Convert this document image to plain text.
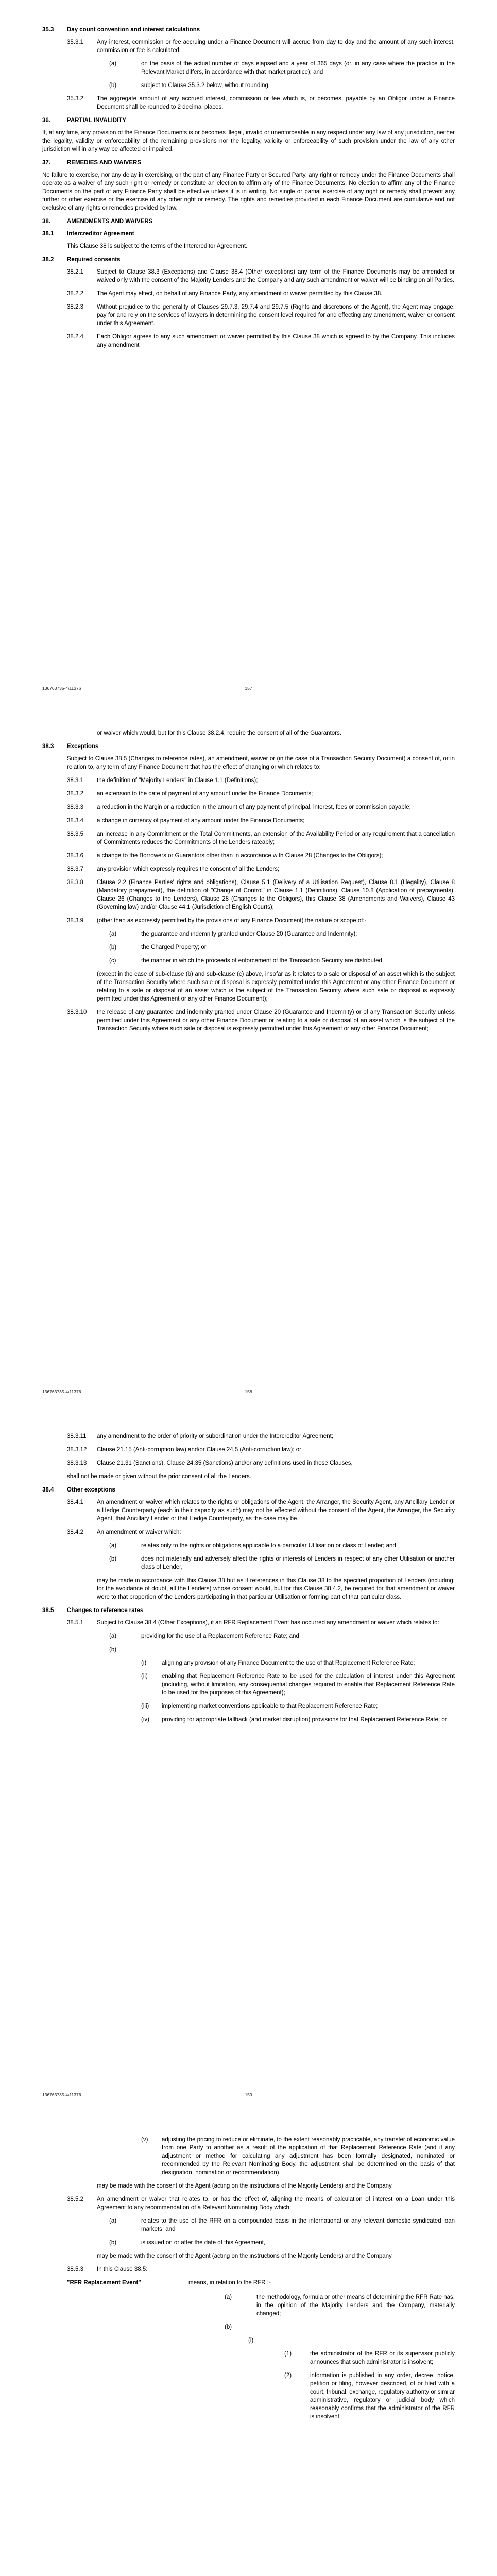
35.3	Day count convention and interest calculations
35.3.1	Any interest, commission or fee accruing under a Finance Document will accrue from day to day and the amount of any such interest, commission or fee is calculated:
(a)	on the basis of the actual number of days elapsed and a year of 365 days (or, in any case where the practice in the Relevant Market differs, in accordance with that market practice); and
(b)	subject to Clause 35.3.2 below, without rounding.
35.3.2	The aggregate amount of any accrued interest, commission or fee which is, or becomes, payable by an Obligor under a Finance Document shall be rounded to 2 decimal places.
36.	PARTIAL INVALIDITY

If, at any time, any provision of the Finance Documents is or becomes illegal, invalid or unenforceable in any respect under any law of any jurisdiction, neither the legality, validity or enforceability of the remaining provisions nor the legality, validity or enforceability of such provision under the law of any other jurisdiction will in any way be affected or impaired.

37.	REMEDIES AND WAIVERS

No failure to exercise, nor any delay in exercising, on the part of any Finance Party or Secured Party, any right or remedy under the Finance Documents shall operate as a waiver of any such right or remedy or constitute an election to affirm any of the Finance Documents. No election to affirm any of the Finance Documents on the part of any Finance Party shall be effective unless it is in writing. No single or partial exercise of any right or remedy shall prevent any further or other exercise or the exercise of any other right or remedy. The rights and remedies provided in each Finance Document are cumulative and not exclusive of any rights or remedies provided by law.

38.	AMENDMENTS AND WAIVERS
38.1	Intercreditor Agreement

This Clause 38 is subject to the terms of the Intercreditor Agreement.

38.2	Required consents
38.2.1	Subject to Clause 38.3 (Exceptions) and Clause 38.4 (Other exceptions) any term of the Finance Documents may be amended or waived only with the consent of the Majority Lenders and the Company and any such amendment or waiver will be binding on all Parties.
38.2.2	The Agent may effect, on behalf of any Finance Party, any amendment or waiver permitted by this Clause 38.
38.2.3	Without prejudice to the generality of Clauses 29.7.3, 29.7.4 and 29.7.5 (Rights and discretions of the Agent), the Agent may engage, pay for and rely on the services of lawyers in determining the consent level required for and effecting any amendment, waiver or consent under this Agreement.
38.2.4	Each Obligor agrees to any such amendment or waiver permitted by this Clause 38 which is agreed to by the Company. This includes any amendment
136763735-4\11376	157

or waiver which would, but for this Clause 38.2.4, require the consent of all of the Guarantors.

38.3	Exceptions

Subject to Clause 38.5 (Changes to reference rates), an amendment, waiver or (in the case of a Transaction Security Document) a consent of, or in relation to, any term of any Finance Document that has the effect of changing or which relates to:

38.3.1	the definition of "Majority Lenders" in Clause 1.1 (Definitions);
38.3.2	an extension to the date of payment of any amount under the Finance Documents;
38.3.3	a reduction in the Margin or a reduction in the amount of any payment of principal, interest, fees or commission payable;
38.3.4	a change in currency of payment of any amount under the Finance Documents;
38.3.5	an increase in any Commitment or the Total Commitments, an extension of the Availability Period or any requirement that a cancellation of Commitments reduces the Commitments of the Lenders rateably;
38.3.6	a change to the Borrowers or Guarantors other than in accordance with Clause 28 (Changes to the Obligors);
38.3.7	any provision which expressly requires the consent of all the Lenders;
38.3.8	Clause 2.2 (Finance Parties' rights and obligations), Clause 5.1 (Delivery of a Utilisation Request), Clause 8.1 (Illegality), Clause 8 (Mandatory prepayment), the definition of "Change of Control" in Clause 1.1 (Definitions), Clause 10.8 (Application of prepayments), Clause 26 (Changes to the Lenders), Clause 28 (Changes to the Obligors), this Clause 38 (Amendments and Waivers), Clause 43 (Governing law) and/or Clause 44.1 (Jurisdiction of English Courts);
38.3.9	(other than as expressly permitted by the provisions of any Finance Document) the nature or scope of:-
(a)	the guarantee and indemnity granted under Clause 20 (Guarantee and Indemnity);
(b)	the Charged Property; or
(c)	the manner in which the proceeds of enforcement of the Transaction Security are distributed

(except in the case of sub-clause (b) and sub-clause (c) above, insofar as it relates to a sale or disposal of an asset which is the subject of the Transaction Security where such sale or disposal is expressly permitted under this Agreement or any other Finance Document or relating to a sale or disposal of an asset which is the subject of the Transaction Security where such sale or disposal is expressly permitted under this Agreement or any other Finance Document);

38.3.10	the release of any guarantee and indemnity granted under Clause 20 (Guarantee and Indemnity) or of any Transaction Security unless permitted under this Agreement or any other Finance Document or relating to a sale or disposal of an asset which is the subject of the Transaction Security where such sale or disposal is expressly permitted under this Agreement or any other Finance Document;
136763735-4\11376	158
38.3.11	any amendment to the order of priority or subordination under the Intercreditor Agreement;
38.3.12	Clause 21.15 (Anti-corruption law) and/or Clause 24.5 (Anti-corruption law); or
38.3.13	Clause 21.31 (Sanctions), Clause 24.35 (Sanctions) and/or any definitions used in those Clauses,

shall not be made or given without the prior consent of all the Lenders.

38.4	Other exceptions
38.4.1	An amendment or waiver which relates to the rights or obligations of the Agent, the Arranger, the Security Agent, any Ancillary Lender or a Hedge Counterparty (each in their capacity as such) may not be effected without the consent of the Agent, the Arranger, the Security Agent, that Ancillary Lender or that Hedge Counterparty, as the case may be.
38.4.2	An amendment or waiver which:
(a)	relates only to the rights or obligations applicable to a particular Utilisation or class of Lender; and
(b)	does not materially and adversely affect the rights or interests of Lenders in respect of any other Utilisation or another class of Lender,

may be made in accordance with this Clause 38 but as if references in this Clause 38 to the specified proportion of Lenders (including, for the avoidance of doubt, all the Lenders) whose consent would, but for this Clause 38.4.2, be required for that amendment or waiver were to that proportion of the Lenders participating in that particular Utilisation or forming part of that particular class.

38.5	Changes to reference rates
38.5.1	Subject to Clause 38.4 (Other Exceptions), if an RFR Replacement Event has occurred any amendment or waiver which relates to:
(a)	providing for the use of a Replacement Reference Rate; and
(b)
(i)	aligning any provision of any Finance Document to the use of that Replacement Reference Rate;
(ii)	enabling that Replacement Reference Rate to be used for the calculation of interest under this Agreement (including, without limitation, any consequential changes required to enable that Replacement Reference Rate to be used for the purposes of this Agreement);
(iii)	implementing market conventions applicable to that Replacement Reference Rate;
(iv)	providing for appropriate fallback (and market disruption) provisions for that Replacement Reference Rate; or
136763735-4\11376	159
(v)	adjusting the pricing to reduce or eliminate, to the extent reasonably practicable, any transfer of economic value from one Party to another as a result of the application of that Replacement Reference Rate (and if any adjustment or method for calculating any adjustment has been formally designated, nominated or recommended by the Relevant Nominating Body, the adjustment shall be determined on the basis of that designation, nomination or recommendation),

may be made with the consent of the Agent (acting on the instructions of the Majority Lenders) and the Company.

38.5.2	An amendment or waiver that relates to, or has the effect of, aligning the means of calculation of interest on a Loan under this Agreement to any recommendation of a Relevant Nominating Body which:
(a)	relates to the use of the RFR on a compounded basis in the international or any relevant domestic syndicated loan markets; and
(b)	is issued on or after the date of this Agreement,

may be made with the consent of the Agent (acting on the instructions of the Majority Lenders) and the Company.

38.5.3	In this Clause 38.5:
"RFR Replacement Event"	means, in relation to the RFR :-
(a)	the methodology, formula or other means of determining the RFR Rate has, in the opinion of the Majority Lenders and the Company, materially changed;
(b)
(i)
(1)	the administrator of the RFR or its supervisor publicly announces that such administrator is insolvent;
(2)	information is published in any order, decree, notice, petition or filing, however described, of or filed with a court, tribunal, exchange, regulatory authority or similar administrative, regulatory or judicial body which reasonably confirms that the administrator of the RFR is insolvent;
